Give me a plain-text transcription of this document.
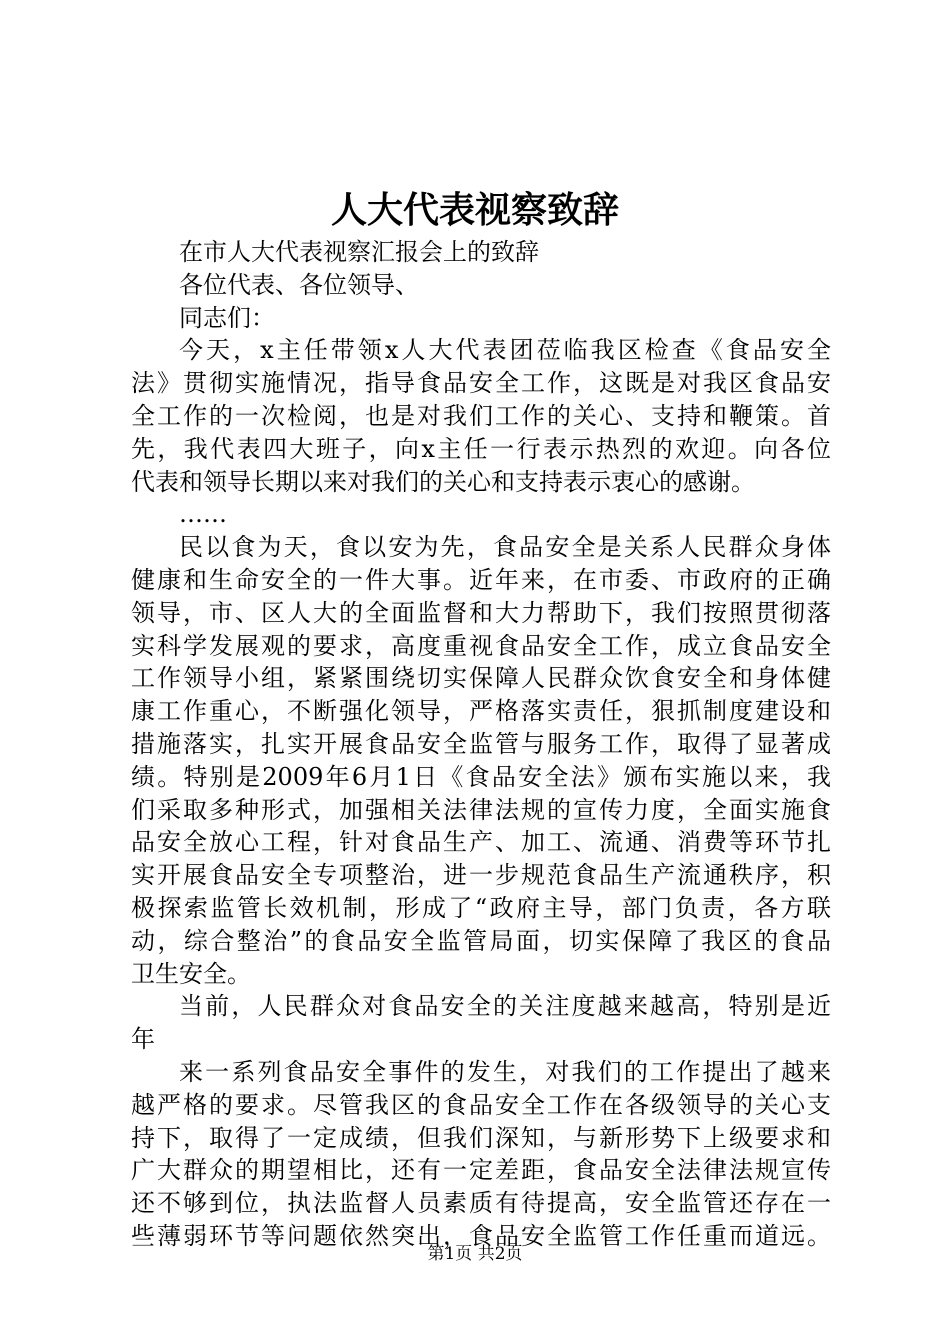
人大代表视察致辞

在市人大代表视察汇报会上的致辞

各位代表、各位领导、

同志们：

今天，x主任带领x人大代表团莅临我区检查《食品安全

法》贯彻实施情况，指导食品安全工作，这既是对我区食品安

全工作的一次检阅，也是对我们工作的关心、支持和鞭策。首

先，我代表四大班子，向x主任一行表示热烈的欢迎。向各位

代表和领导长期以来对我们的关心和支持表示衷心的感谢。

……

民以食为天，食以安为先，食品安全是关系人民群众身体

健康和生命安全的一件大事。近年来，在市委、市政府的正确

领导，市、区人大的全面监督和大力帮助下，我们按照贯彻落

实科学发展观的要求，高度重视食品安全工作，成立食品安全

工作领导小组，紧紧围绕切实保障人民群众饮食安全和身体健

康工作重心，不断强化领导，严格落实责任，狠抓制度建设和

措施落实，扎实开展食品安全监管与服务工作，取得了显著成

绩。特别是2009年6月1日《食品安全法》颁布实施以来，我

们采取多种形式，加强相关法律法规的宣传力度，全面实施食

品安全放心工程，针对食品生产、加工、流通、消费等环节扎

实开展食品安全专项整治，进一步规范食品生产流通秩序，积

极探索监管长效机制，形成了“政府主导，部门负责，各方联

动，综合整治”的食品安全监管局面，切实保障了我区的食品

卫生安全。

当前，人民群众对食品安全的关注度越来越高，特别是近

年

来一系列食品安全事件的发生，对我们的工作提出了越来

越严格的要求。尽管我区的食品安全工作在各级领导的关心支

持下，取得了一定成绩，但我们深知，与新形势下上级要求和

广大群众的期望相比，还有一定差距，食品安全法律法规宣传

还不够到位，执法监督人员素质有待提高，安全监管还存在一

些薄弱环节等问题依然突出，食品安全监管工作任重而道远。

第1页 共2页
